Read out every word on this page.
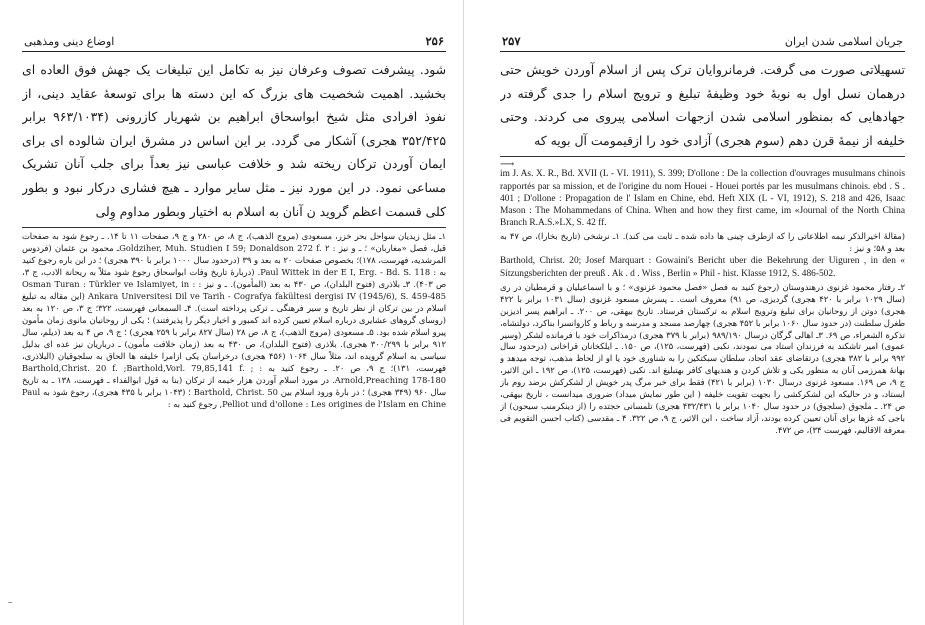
۲۵۶
اوضاع دینی ومذهبی

شود. پیشرفت تصوف وعرفان نیز به تکامل این تبلیغات یک جهش فوق العاده ای بخشید. اهمیت شخصیت های بزرگ که این دسته ها برای توسعهٔ عقاید دینی، از نفوذ افرادی مثل شیخ ابواسحاق ابراهیم بن شهریار کازرونی (۹۶۳/۱۰۳۴ برابر ۳۵۲/۴۲۵ هجری) آشکار می گردد. بر این اساس در مشرق ایران شالوده ای برای ایمان آوردن ترکان ریخته شد و خلافت عباسی نیز بعداً برای جلب آنان تشریک مساعی نمود. در این مورد نیز ـ مثل سایر موارد ـ هیچ فشاری درکار نبود و بطور کلی قسمت اعظم گروید ن آنان به اسلام به اختیار وبطور مداوم وِلی

۱ـ مثل زیدیان سواحل بحر خزر، مسعودی (مروج الذهب)، ج ۸، ص ۲۸۰ و ج ۹، صفحات ۱۱ تا ۱۴. ـ رجوع شود به صفحات قبل، فصل «مغاربان» ؛ ـ و نیز : Goldziher, Muh. Studien I 59; Donaldson 272 f. ۲ـ محمود بن عثمان (فردوس المرشدیه، فهرست، ۱۷۸)؛ بخصوص صفحات ۲۰ به بعد و ۳۹ (درحدود سال ۱۰۰۰ برابر با ۳۹۰ هجری) ؛ در این باره رجوع کنید به : Paul Wittek in der E I, Erg. - Bd. S. 118. (دربارهٔ تاریخ وفات ابواسحاق رجوع شود مثلاً به ریحانة الادب، ج ۳، ص ۴۰۳). ۳ـ بلاذری (فتوح البلدان)، ص ۴۳۰ به بعد (المأمون). ـ و نیز : Osman Turan : Türkler ve Islamiyet, in : Ankara Universitesi Dil ve Tarih - Cografya fakültesi dergisi IV (1945/6), S. 459-485 (این مقاله به تبلیغ اسلام در بین ترکان از نظر تاریخ و سیر فرهنگی ـ ترکی پرداخته است). ۴ـ السمعانی فهرست، ۳۲۲؛ ج ۳، ص ۱۲۰ به بعد (روسای گروهای عشایری درباره اسلام تعیین کرده اند کمبور و اخبار دیگر را پذیرفتند) ؛ یکی از روحانیان مانوی زمان مأمون پیرو اسلام شده بود. ۵ـ مسعودی (مروج الذهب)، ج ۸، ص ۲۸ (سال ۸۲۷ برابر با ۲۵۹ هجری) ؛ ج ۹، ص ۴ به بعد (دیلم، سال ۹۱۲ برابر با ۳۰۰/۲۹۹ هجری). بلاذری (فتوح البلدان)، ص ۴۳۰ به بعد (زمان خلافت مأمون) ـ درباریان نیز عده ای بدلیل سیاسی به اسلام گرویده اند، مثلاً سال ۱۰۶۴ (۴۵۶ هجری) درخراسان یکی ازامرا خلیفه ها الحاق به سلجوقیان (البلاذری، فهرست، ۱۳۱)؛ ج ۹، ص ۲۰. ـ رجوع کنید به : Barthold,Christ. 20 f. ;Barthold,Vorl. 79,85,141 f. ; Arnold,Preaching 178-180. در مورد اسلام آوردن هزار خیمه از ترکان (بنا به قول ابوالفداء ـ فهرست، ۱۳۸ ـ به تاریخ سال ۹۶۰ (۳۴۹ هجری) ؛ در بارهٔ ورود اسلام بین Barthold, Christ. 50 ؛ (۱۰۴۳ برابر با ۴۳۵ هجری)، رجوع شود به Paul Pelliot und d'ollone : Les origines de l'Islam en Chine, رجوع کنید به :

جریان اسلامی شدن ایران
۲۵۷

تسهیلاتی صورت می گرفت. فرمانروایان ترک پس از اسلام آوردن خویش حتی درهمان نسل اول به نوبهٔ خود وظیفهٔ تبلیغ و ترویج اسلام را جدی گرفته در جهادهایی که بمنظور اسلامی شدن ازجهات اسلامی پیروی می کردند. وحتی خلیفه از نیمهٔ قرن دهم (سوم هجری) آزادی خود را ازقیمومت آل بویه که

⟶

im J. As. X. R., Bd. XVII (L - VI. 1911), S. 399; D'ollone : De la collection d'ouvrages musulmans chinois rapportés par sa mission, et de l'origine du nom Houei - Houei portés par les musulmans chinois. ebd . S . 401 ; D'ollone : Propagation de l' Islam en Chine, ebd. Heft XIX (L - VI, 1912), S. 218 and 426, Isaac Mason : The Mohammedans of China. When and how they first came, im «Journal of the North China Branch R.A.S.»LX, S. 42 ff.

(مقالهٔ اخیرالذکر نیمه اطلاعاتی را که ازطرف چینی ها داده شده ـ ثابت می کند). ۱ـ نرشخی (تاریخ بخارا)، ص ۴۷ به بعد و ۵۸؛ و نیز :

Barthold, Christ. 20; Josef Marquart : Gowaini's Bericht uber die Bekehrung der Uiguren , in den « Sitzungsberichten der preuß . Ak . d . Wiss , Berlin » Phil - hist. Klasse 1912, S. 486-502.

۲ـ رفتار محمود غزنوی درهندوستان (رجوع کنید به فصل «فصل محمود غزنوی» ؛ و با اسماعیلیان و قرمطیان در ری (سال ۱۰۲۹ برابر با ۴۲۰ هجری) گردیزی، ص ۹۱) معروف است. ـ پسرش مسعود غزنوی (سال ۱۰۳۱ برابر با ۴۲۲ هجری) دوتن از روحانیان برای تبلیغ وترویج اسلام به ترکستان فرستاد. تاریخ بیهقی، ص ۲۰۰. ـ ابراهیم پسر ادیزبن طغرل سلطنت (در حدود سال ۱۰۶۰ برابر با ۴۵۲ هجری) چهارصد مسجد و مدرسه و رباط و کاروانسرا بناکرد، دولتشاه، تذکرة الشعراء، ص ۶۹. ۳ـ اهالی گرگان درسال ۹۸۹/۱۹۰ (برابر با ۳۷۹ هجری) درمذاکرات خود با فرمانده لشکر (وسیر عموی) امیر تاشکند به فرزندان استاد می نمودند، نکبی (فهرست، ۱۲۵)، ص ۱۵۰. ـ ایلکخانان قراخانی (درحدود سال ۹۹۲ برابر با ۳۸۲ هجری) درتقاضای عقد اتحاد، سلطان سبکتکین را به شناوری خود یا او از لحاظ مذهب، توجه میدهد و بهانهٔ همرزمی آنان به منظور یکی و تلاش کردن و هندیهای کافر بهتبلیغ اند. نکبی (فهرست، ۱۲۵)، ص ۱۹۲ ـ ابن الاثیر، ج ۹، ص ۱۶۹. مسعود غزنوی درسال ۱۰۳۰ (برابر با ۴۲۱) فقط برای خبر مرگ پدر خویش از لشکرکش برضد روم باز ایستاد، و در حالیکه این لشکرکشی را بجهت تقویت خلیفه ( این طور نمایش میداد) ضروری میدانست ، تاریخ بیهقی، ص ۲۴. ـ ملجوق (سلجوق) در حدود سال ۱۰۴۰ برابر با ۴۳۲/۴۳۱ هجری) تلمسانی حجتده را (از دینکرمنب سیحون) از باجی که غزها برای آنان تعیین کرده بودند، آزاد ساخت ، ابن الاثیر، ج ۹، ص ۳۲۲. ۴ ـ مقدسی (کتاب احسن التقویم فی معرفة الاقالیم، فهرست ۳۴)، ص ۴۷۲.

–
